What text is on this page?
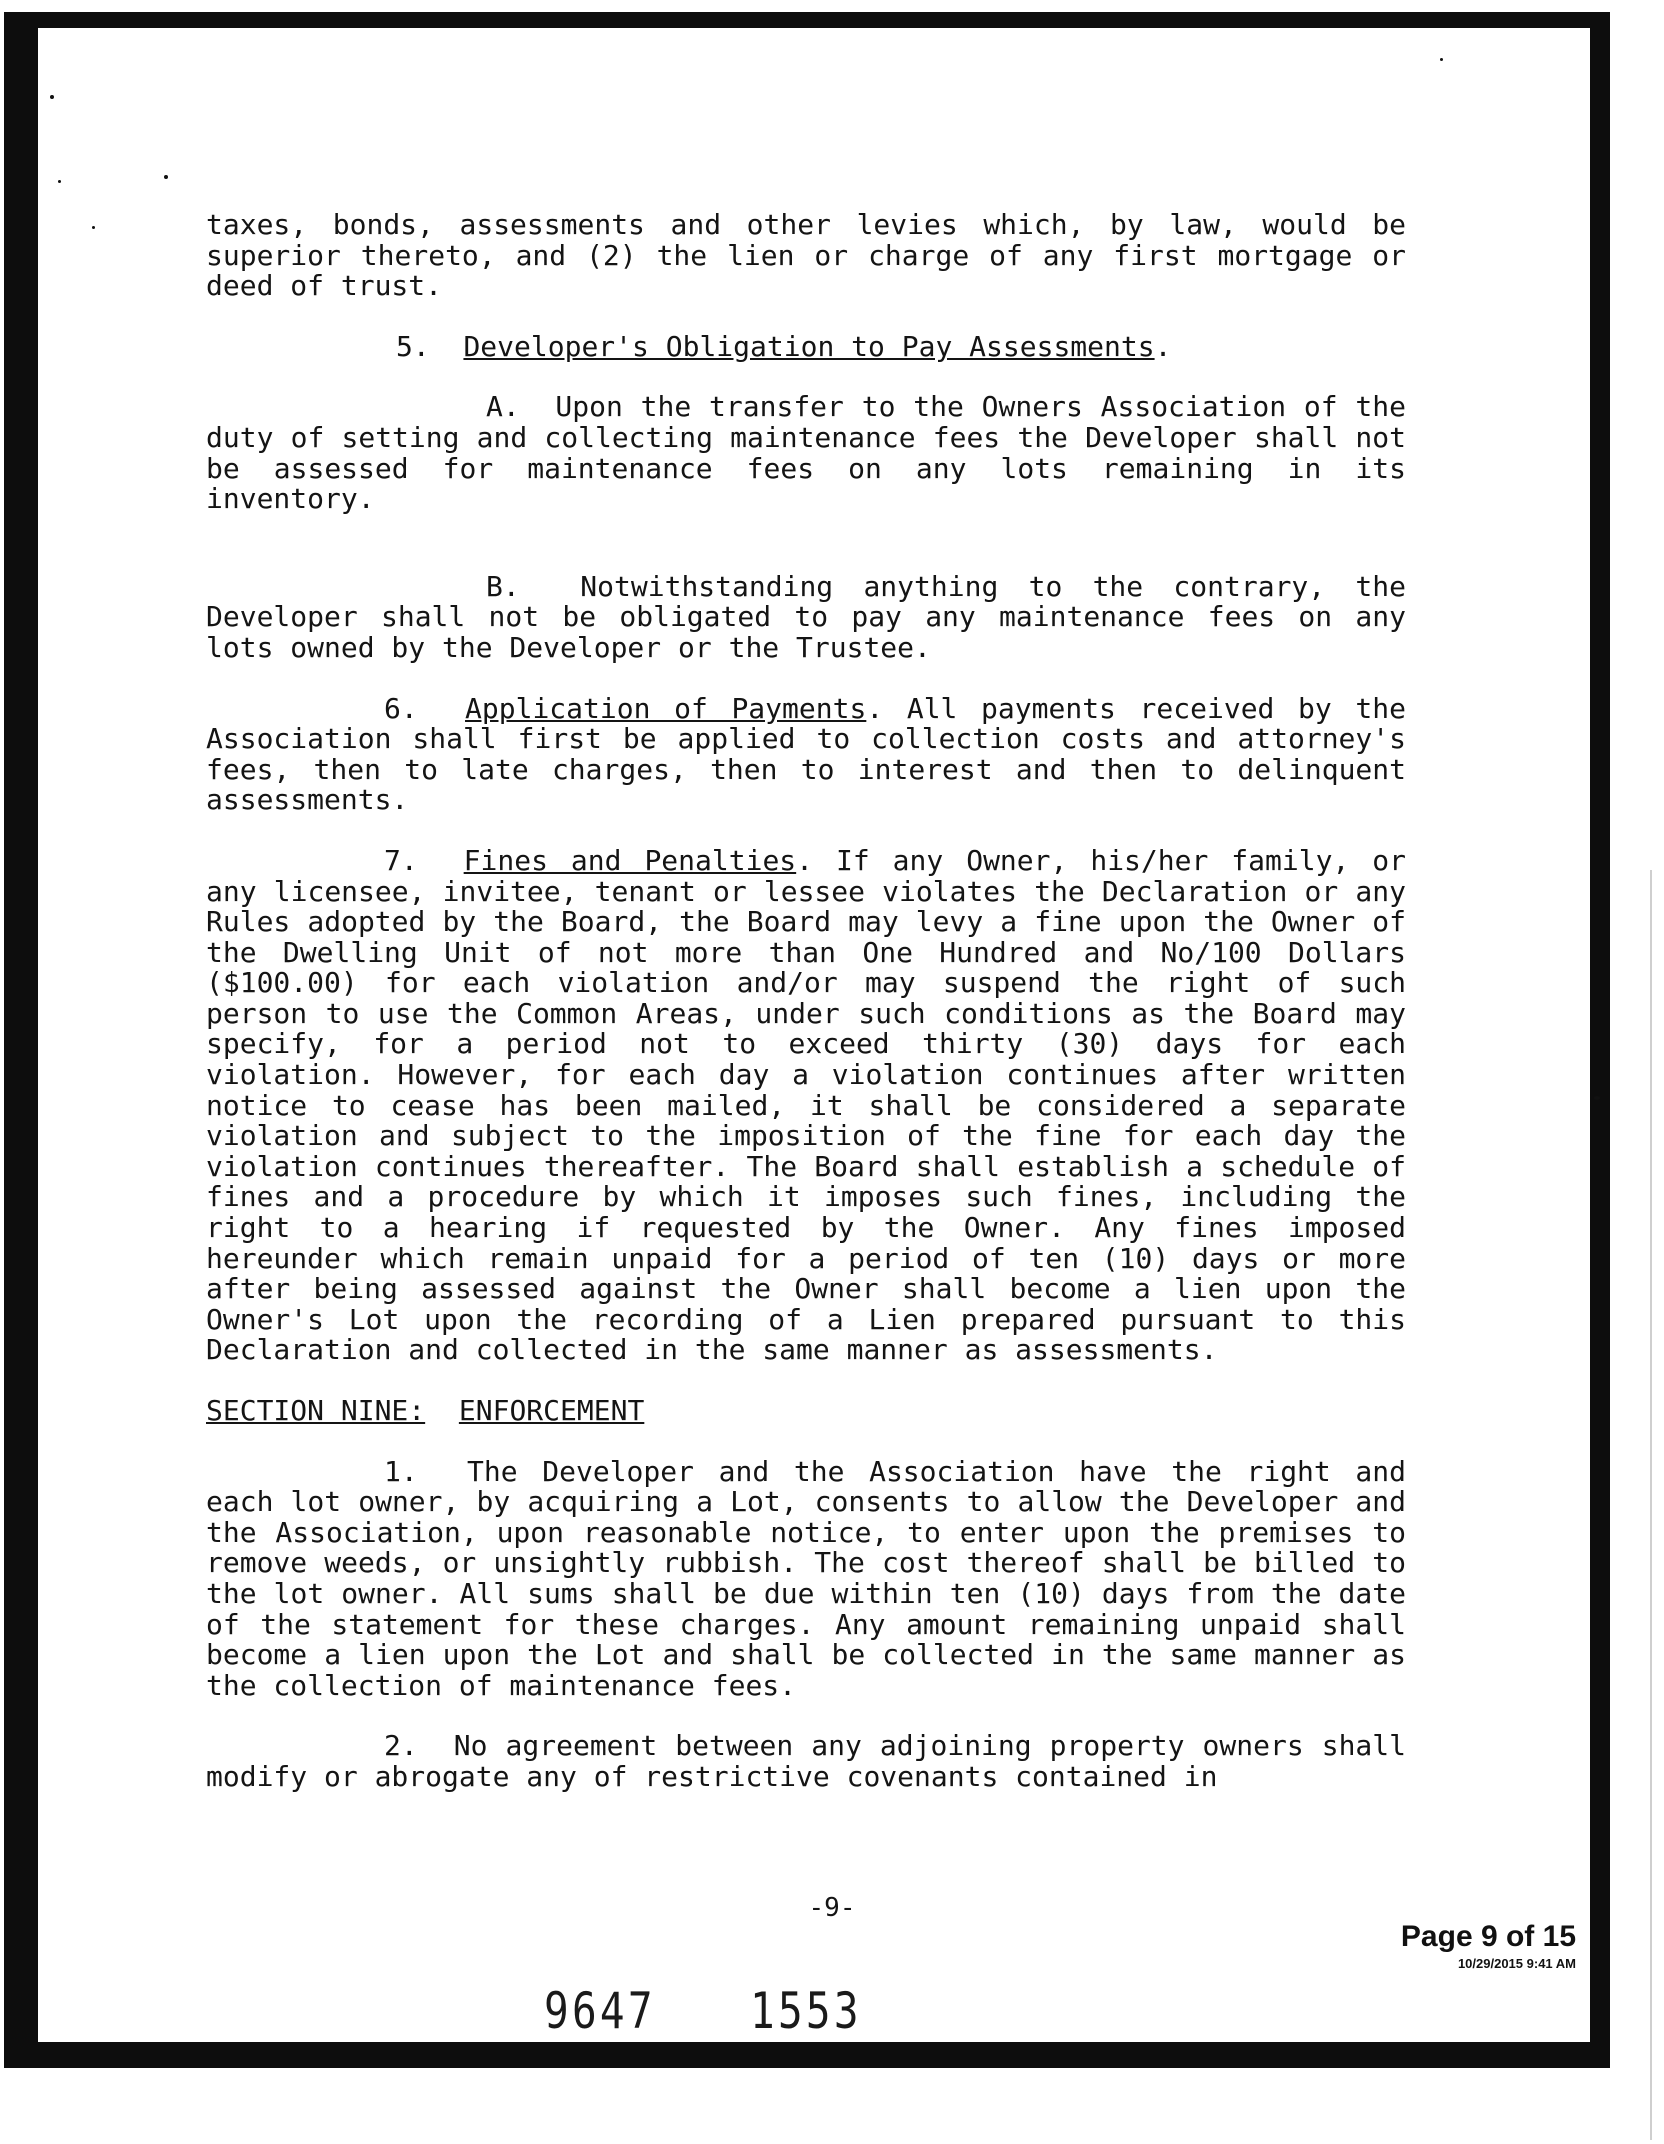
taxes, bonds, assessments and other levies which, by law, would be superior thereto, and (2) the lien or charge of any first mortgage or deed of trust.

5. Developer's Obligation to Pay Assessments.

A. Upon the transfer to the Owners Association of the duty of setting and collecting maintenance fees the Developer shall not be assessed for maintenance fees on any lots remaining in its inventory.

B. Notwithstanding anything to the contrary, the Developer shall not be obligated to pay any maintenance fees on any lots owned by the Developer or the Trustee.

6. Application of Payments. All payments received by the Association shall first be applied to collection costs and attorney's fees, then to late charges, then to interest and then to delinquent assessments.

7. Fines and Penalties. If any Owner, his/her family, or any licensee, invitee, tenant or lessee violates the Declaration or any Rules adopted by the Board, the Board may levy a fine upon the Owner of the Dwelling Unit of not more than One Hundred and No/100 Dollars ($100.00) for each violation and/or may suspend the right of such person to use the Common Areas, under such conditions as the Board may specify, for a period not to exceed thirty (30) days for each violation. However, for each day a violation continues after written notice to cease has been mailed, it shall be considered a separate violation and subject to the imposition of the fine for each day the violation continues thereafter. The Board shall establish a schedule of fines and a procedure by which it imposes such fines, including the right to a hearing if requested by the Owner. Any fines imposed hereunder which remain unpaid for a period of ten (10) days or more after being assessed against the Owner shall become a lien upon the Owner's Lot upon the recording of a Lien prepared pursuant to this Declaration and collected in the same manner as assessments.

SECTION NINE: ENFORCEMENT

1. The Developer and the Association have the right and each lot owner, by acquiring a Lot, consents to allow the Developer and the Association, upon reasonable notice, to enter upon the premises to remove weeds, or unsightly rubbish. The cost thereof shall be billed to the lot owner. All sums shall be due within ten (10) days from the date of the statement for these charges. Any amount remaining unpaid shall become a lien upon the Lot and shall be collected in the same manner as the collection of maintenance fees.

2. No agreement between any adjoining property owners shall modify or abrogate any of restrictive covenants contained in

-9-
Page 9 of 15
10/29/2015 9:41 AM
9647 1553
